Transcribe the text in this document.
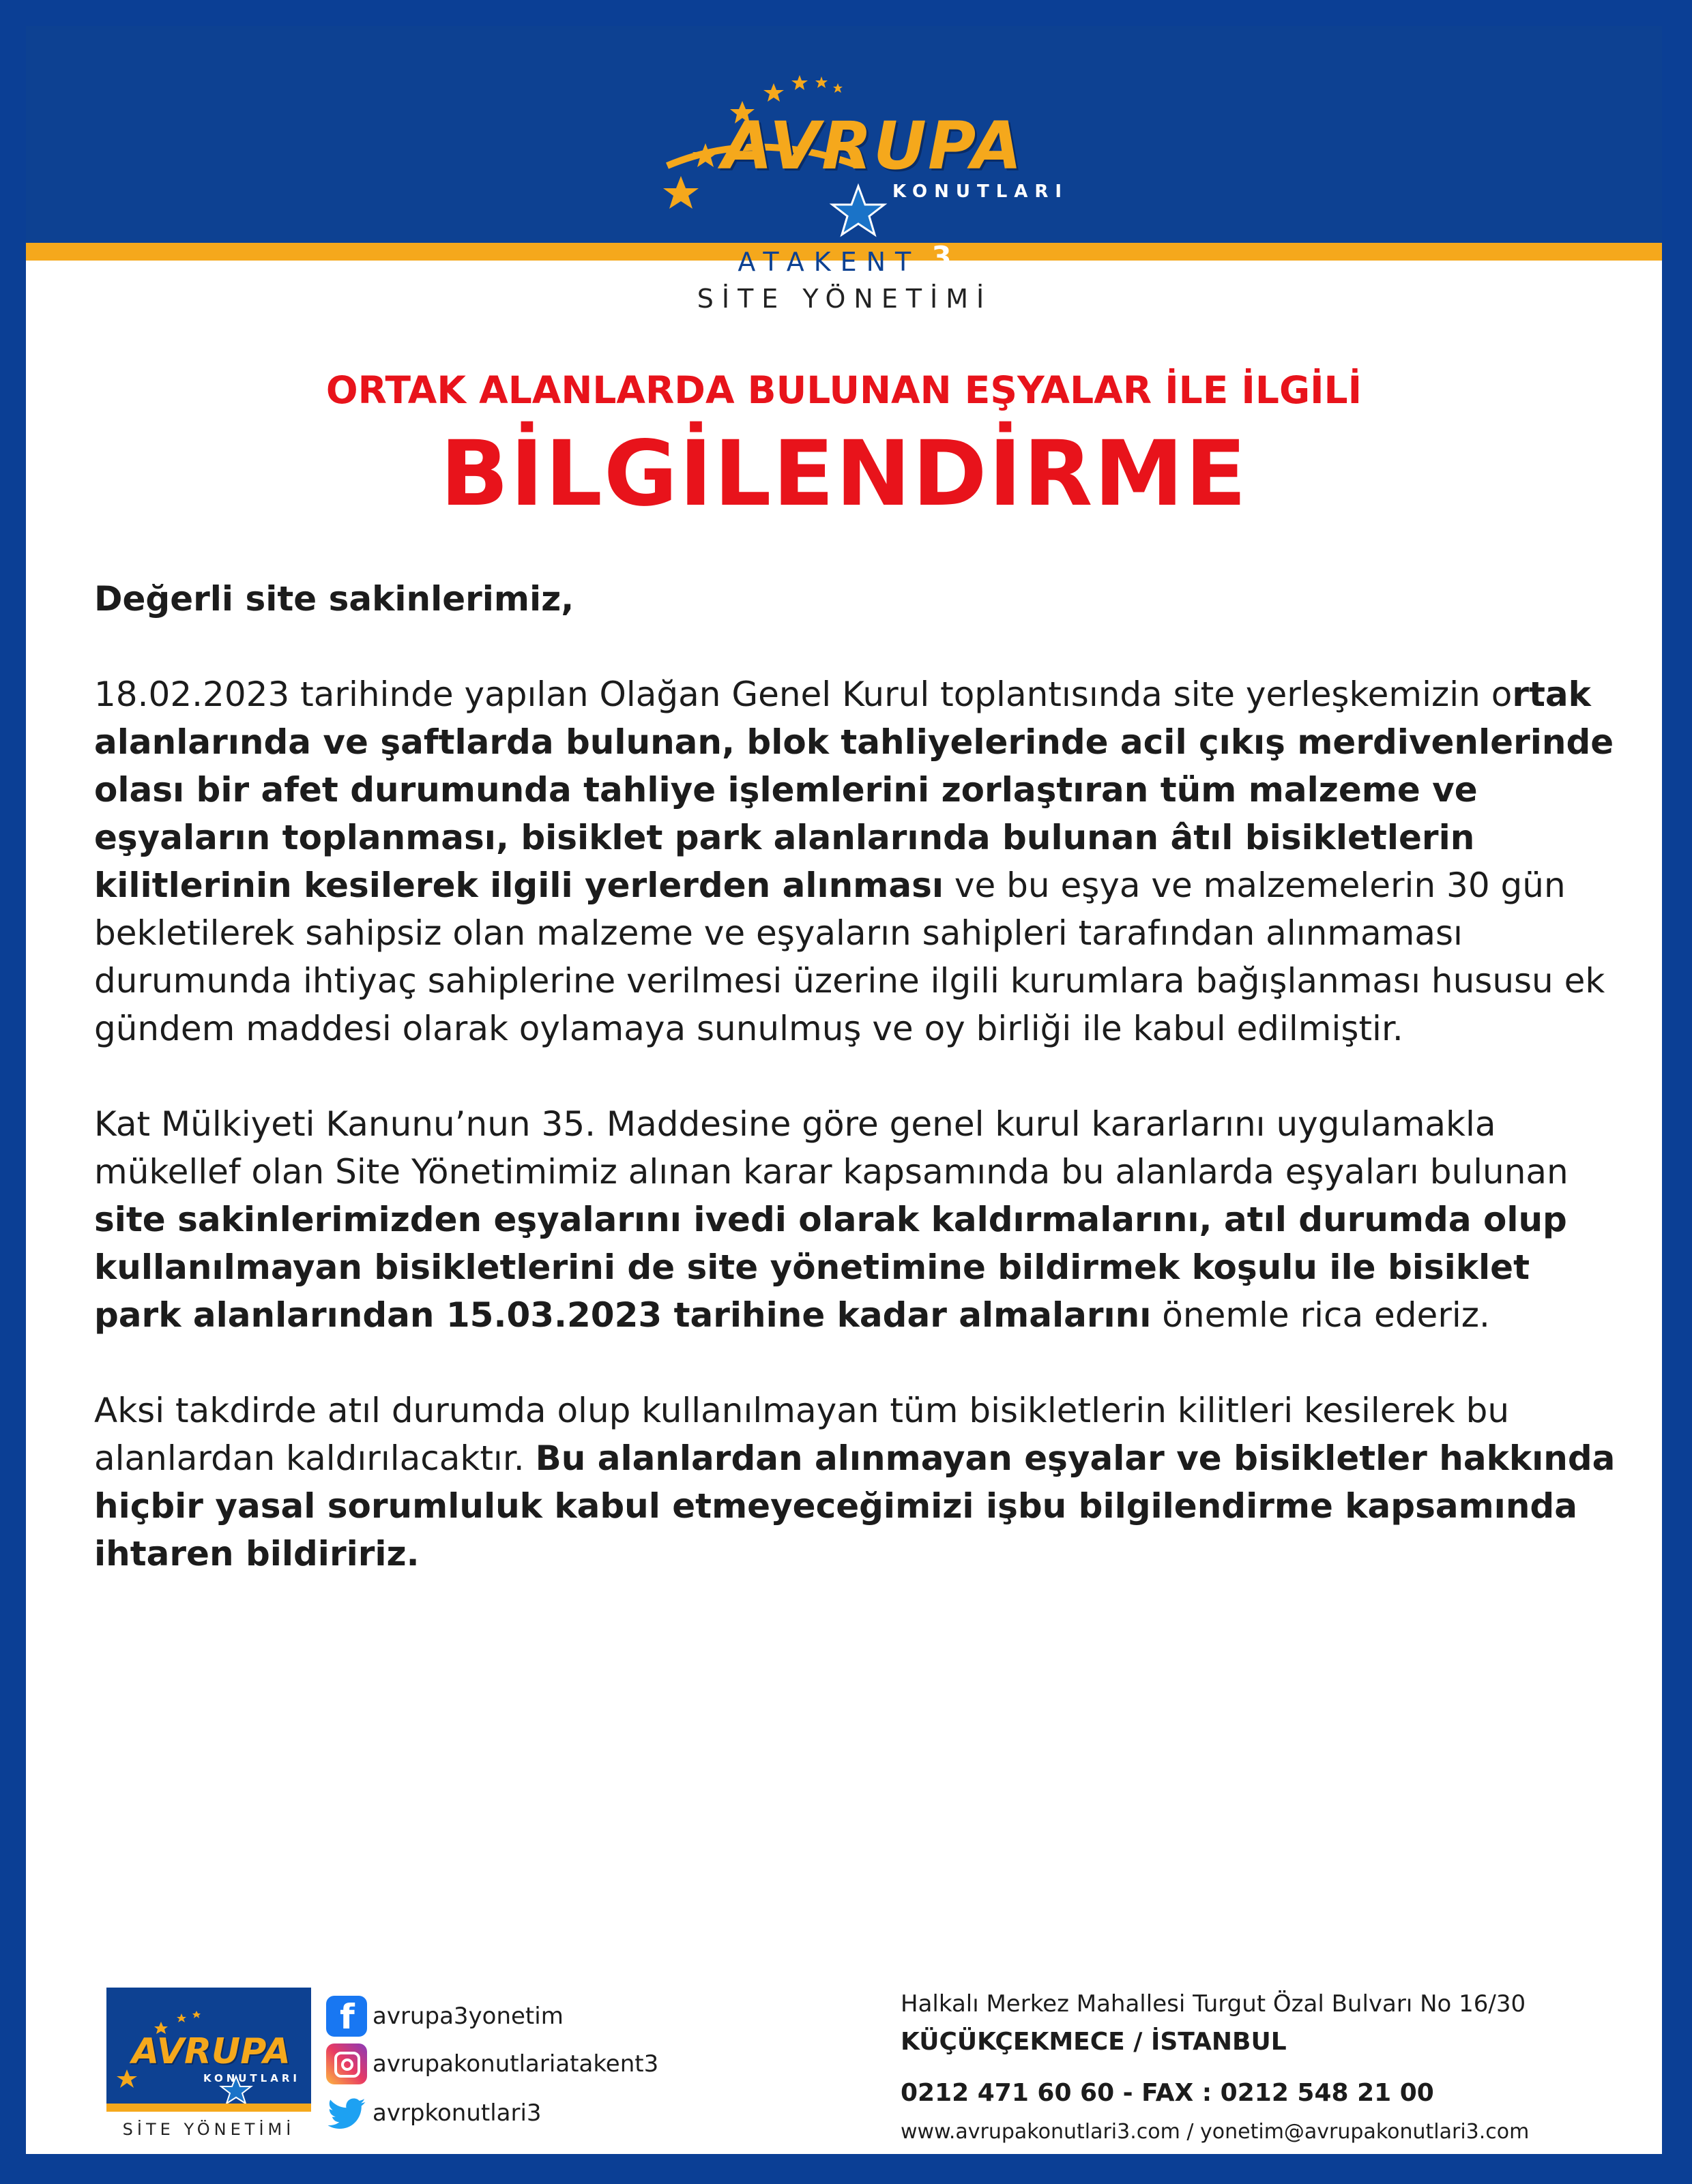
AVRUPA
KONUTLARI
ATAKENT 3
SİTE YÖNETİMİ
ORTAK ALANLARDA BULUNAN EŞYALAR İLE İLGİLİ
BİLGİLENDİRME

Değerli site sakinlerimiz,

18.02.2023 tarihinde yapılan Olağan Genel Kurul toplantısında site yerleşkemizin ortak alanlarında ve şaftlarda bulunan, blok tahliyelerinde acil çıkış merdivenlerinde olası bir afet durumunda tahliye işlemlerini zorlaştıran tüm malzeme ve eşyaların toplanması, bisiklet park alanlarında bulunan âtıl bisikletlerin kilitlerinin kesilerek ilgili yerlerden alınması ve bu eşya ve malzemelerin 30 gün bekletilerek sahipsiz olan malzeme ve eşyaların sahipleri tarafından alınmaması durumunda ihtiyaç sahiplerine verilmesi üzerine ilgili kurumlara bağışlanması hususu ek gündem maddesi olarak oylamaya sunulmuş ve oy birliği ile kabul edilmiştir.

Kat Mülkiyeti Kanunu’nun 35. Maddesine göre genel kurul kararlarını uygulamakla mükellef olan Site Yönetimimiz alınan karar kapsamında bu alanlarda eşyaları bulunan site sakinlerimizden eşyalarını ivedi olarak kaldırmalarını, atıl durumda olup kullanılmayan bisikletlerini de site yönetimine bildirmek koşulu ile bisiklet park alanlarından 15.03.2023 tarihine kadar almalarını önemle rica ederiz.

Aksi takdirde atıl durumda olup kullanılmayan tüm bisikletlerin kilitleri kesilerek bu alanlardan kaldırılacaktır. Bu alanlardan alınmayan eşyalar ve bisikletler hakkında hiçbir yasal sorumluluk kabul etmeyeceğimizi işbu bilgilendirme kapsamında ihtaren bildiririz.

AVRUPA
KONUTLARI
SİTE YÖNETİMİ
f avrupa3yonetim
avrupakonutlariatakent3
avrpkonutlari3
Halkalı Merkez Mahallesi Turgut Özal Bulvarı No 16/30
KÜÇÜKÇEKMECE / İSTANBUL
0212 471 60 60 - FAX : 0212 548 21 00
www.avrupakonutlari3.com / yonetim@avrupakonutlari3.com
